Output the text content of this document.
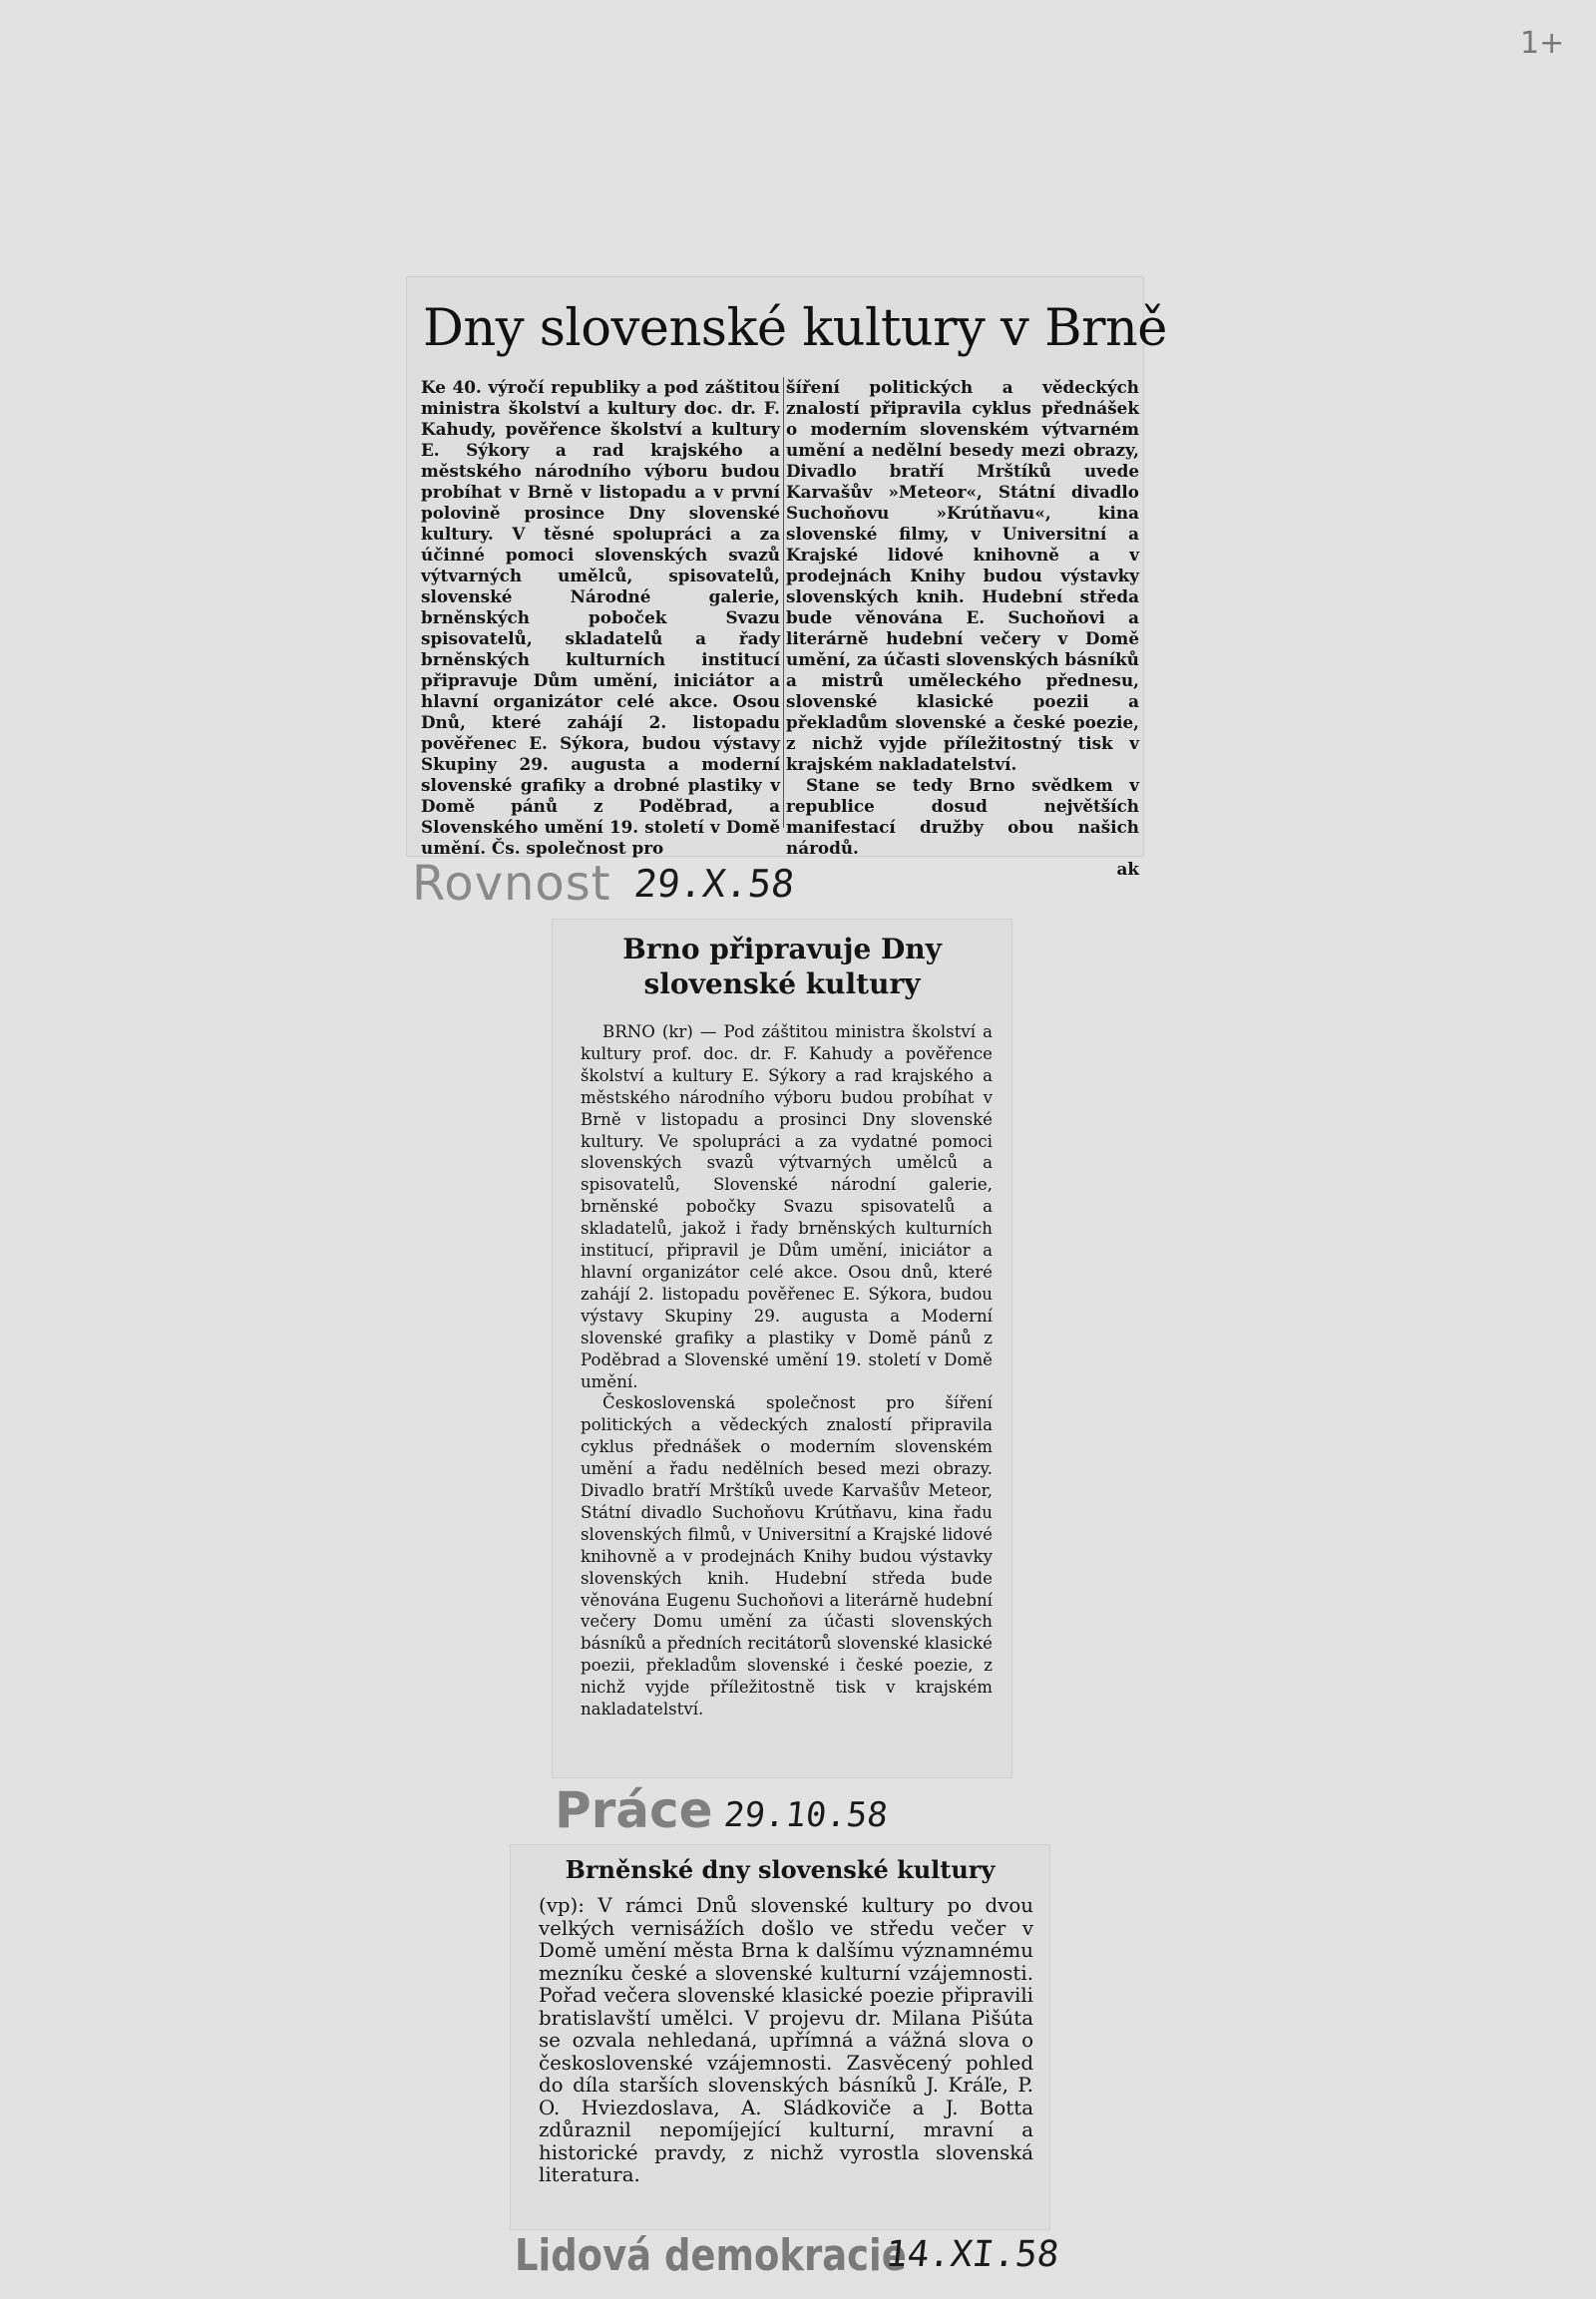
1+
Dny slovenské kultury v Brně
Ke 40. výročí republiky a pod záštitou ministra školství a kultury doc. dr. F. Kahudy, pověřence školství a kultury E. Sýkory a rad krajského a městského národního výboru budou probíhat v Brně v listopadu a v první polovině prosince Dny slovenské kultury. V těsné spolupráci a za účinné pomoci slovenských svazů výtvarných umělců, spisovatelů, slovenské Národné galerie, brněnských poboček Svazu spisovatelů, skladatelů a řady brněnských kulturních institucí připravuje Dům umění, iniciátor a hlavní organizátor celé akce. Osou Dnů, které zahájí 2. listopadu pověřenec E. Sýkora, budou výstavy Skupiny 29. augusta a moderní slovenské grafiky a drobné plastiky v Domě pánů z Poděbrad, a Slovenského umění 19. století v Domě umění. Čs. společnost pro
šíření politických a vědeckých znalostí připravila cyklus přednášek o moderním slovenském výtvarném umění a nedělní besedy mezi obrazy, Divadlo bratří Mrštíků uvede Karvašův »Meteor«, Státní divadlo Suchoňovu »Krútňavu«, kina slovenské filmy, v Universitní a Krajské lidové knihovně a v prodejnách Knihy budou výstavky slovenských knih. Hudební středa bude věnována E. Suchoňovi a literárně hudební večery v Domě umění, za účasti slovenských básníků a mistrů uměleckého přednesu, slovenské klasické poezii a překladům slovenské a české poezie, z nichž vyjde příležitostný tisk v krajském nakladatelství.
Stane se tedy Brno svědkem v republice dosud největších manifestací družby obou našich národů.
ak
Rovnost 29.X.58
Brno připravuje Dny
slovenské kultury

BRNO (kr) — Pod záštitou ministra školství a kultury prof. doc. dr. F. Kahudy a pověřence školství a kultury E. Sýkory a rad krajského a městského národního výboru budou probíhat v Brně v listopadu a prosinci Dny slovenské kultury. Ve spolupráci a za vydatné pomoci slovenských svazů výtvarných umělců a spisovatelů, Slovenské národní galerie, brněnské pobočky Svazu spisovatelů a skladatelů, jakož i řady brněnských kulturních institucí, připravil je Dům umění, iniciátor a hlavní organizátor celé akce. Osou dnů, které zahájí 2. listopadu pověřenec E. Sýkora, budou výstavy Skupiny 29. augusta a Moderní slovenské grafiky a plastiky v Domě pánů z Poděbrad a Slovenské umění 19. století v Domě umění.

Československá společnost pro šíření politických a vědeckých znalostí připravila cyklus přednášek o moderním slovenském umění a řadu nedělních besed mezi obrazy. Divadlo bratří Mrštíků uvede Karvašův Meteor, Státní divadlo Suchoňovu Krútňavu, kina řadu slovenských filmů, v Universitní a Krajské lidové knihovně a v prodejnách Knihy budou výstavky slovenských knih. Hudební středa bude věnována Eugenu Suchoňovi a literárně hudební večery Domu umění za účasti slovenských básníků a předních recitátorů slovenské klasické poezii, překladům slovenské i české poezie, z nichž vyjde příležitostně tisk v krajském nakladatelství.

Práce 29.10.58
Brněnské dny slovenské kultury
(vp): V rámci Dnů slovenské kultury po dvou velkých vernisážích došlo ve středu večer v Domě umění města Brna k dalšímu významnému mezníku české a slovenské kulturní vzájemnosti. Pořad večera slovenské klasické poezie připravili bratislavští umělci. V projevu dr. Milana Pišúta se ozvala nehledaná, upřímná a vážná slova o československé vzájemnosti. Zasvěcený pohled do díla starších slovenských básníků J. Kráľe, P. O. Hviezdoslava, A. Sládkoviče a J. Botta zdůraznil nepomíjející kulturní, mravní a historické pravdy, z nichž vyrostla slovenská literatura.
Lidová demokracie
14.XI.58
